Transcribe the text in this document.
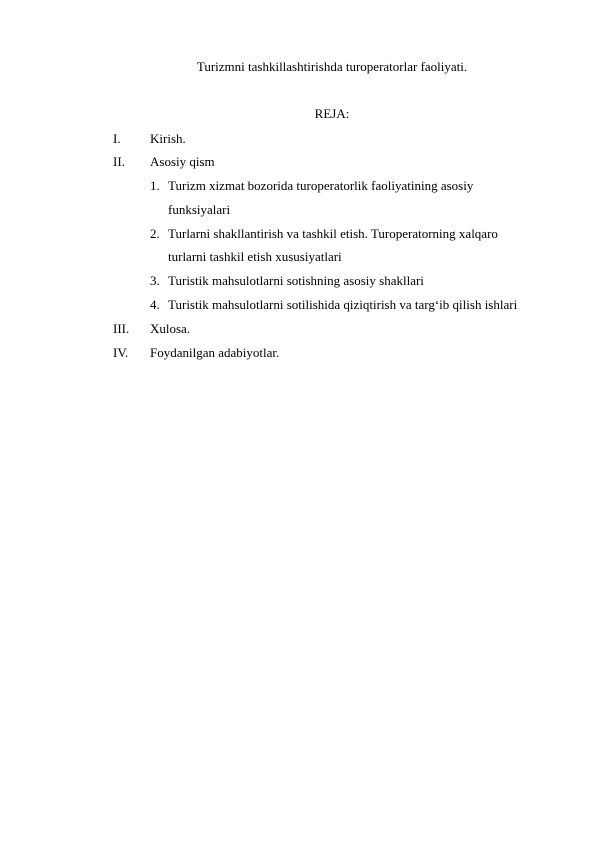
Turizmni tashkillashtirishda turoperatorlar faoliyati.
REJA:
I. Kirish.
II. Asosiy qism
1. Turizm xizmat bozorida turoperatorlik faoliyatining asosiy
funksiyalari
2. Turlarni shakllantirish va tashkil etish. Turoperatorning xalqaro
turlarni tashkil etish xususiyatlari
3. Turistik mahsulotlarni sotishning asosiy shakllari
4. Turistik mahsulotlarni sotilishida qiziqtirish va targ‘ib qilish ishlari
III. Xulosa.
IV. Foydanilgan adabiyotlar.
